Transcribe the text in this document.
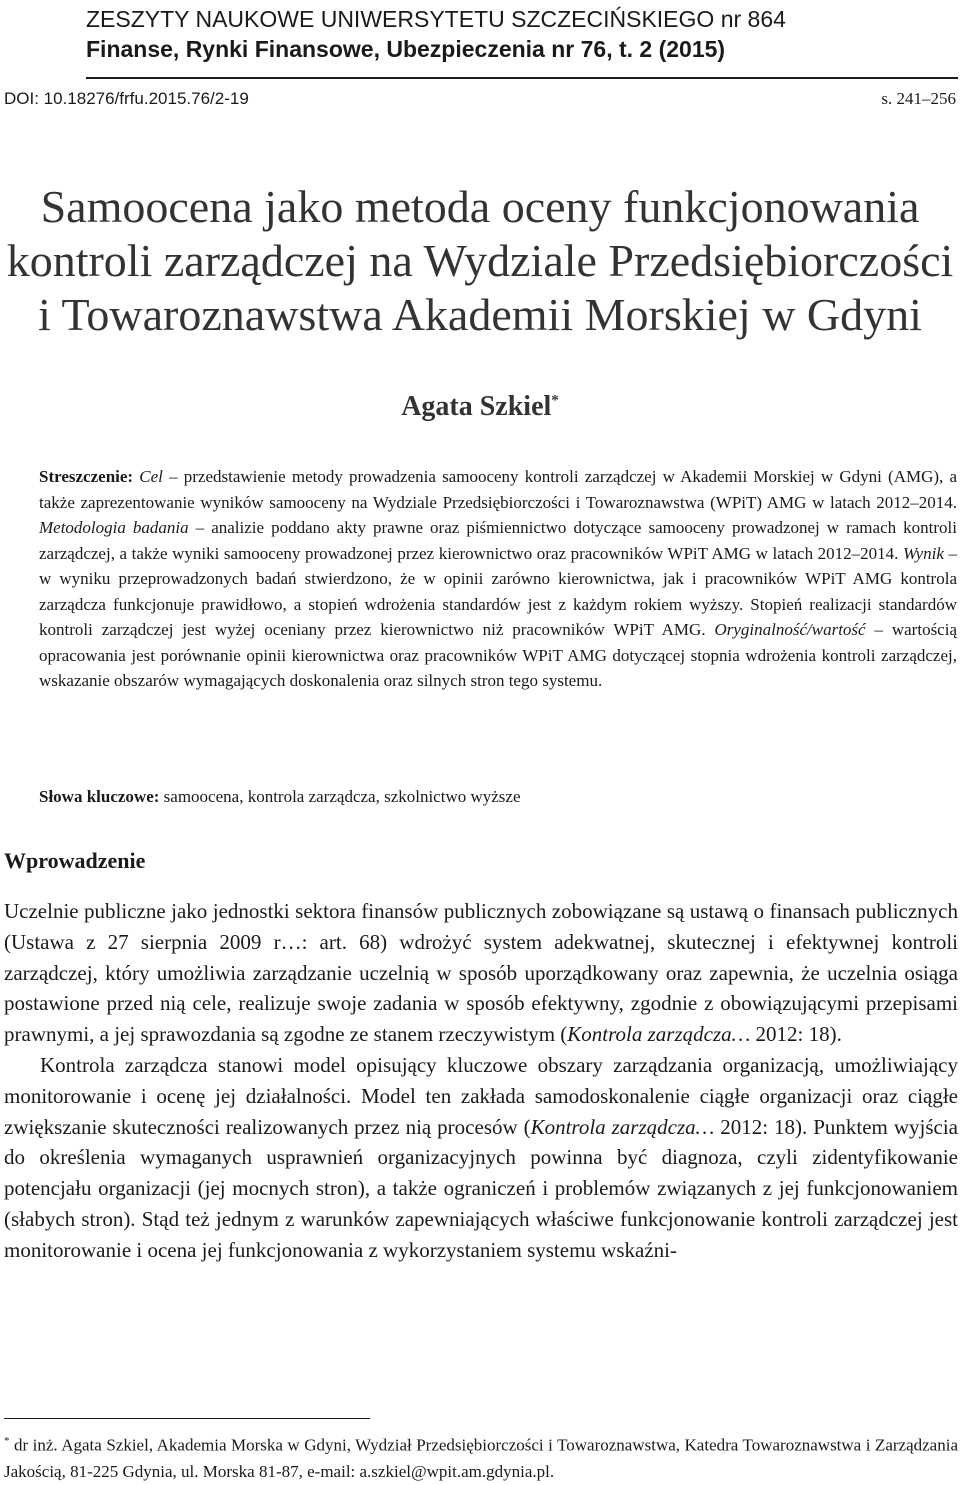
ZESZYTY NAUKOWE UNIWERSYTETU SZCZECIŃSKIEGO nr 864
Finanse, Rynki Finansowe, Ubezpieczenia nr 76, t. 2 (2015)
DOI: 10.18276/frfu.2015.76/2-19	s. 241–256
Samoocena jako metoda oceny funkcjonowania
kontroli zarządczej na Wydziale Przedsiębiorczości
i Towaroznawstwa Akademii Morskiej w Gdyni
Agata Szkiel*
Streszczenie: Cel – przedstawienie metody prowadzenia samooceny kontroli zarządczej w Akademii Morskiej w Gdyni (AMG), a także zaprezentowanie wyników samooceny na Wydziale Przedsiębiorczości i Towaroznawstwa (WPiT) AMG w latach 2012–2014. Metodologia badania – analizie poddano akty prawne oraz piśmiennictwo dotyczące samooceny prowadzonej w ramach kontroli zarządczej, a także wyniki samooceny prowadzonej przez kierownictwo oraz pracowników WPiT AMG w latach 2012–2014. Wynik – w wyniku przeprowadzonych badań stwierdzono, że w opinii zarówno kierownictwa, jak i pracowników WPiT AMG kontrola zarządcza funkcjonuje prawidłowo, a stopień wdrożenia standardów jest z każdym rokiem wyższy. Stopień realizacji standardów kontroli zarządczej jest wyżej oceniany przez kierownictwo niż pracowników WPiT AMG. Oryginalność/wartość – wartością opracowania jest porównanie opinii kierownictwa oraz pracowników WPiT AMG dotyczącej stopnia wdrożenia kontroli zarządczej, wskazanie obszarów wymagających doskonalenia oraz silnych stron tego systemu.
Słowa kluczowe: samoocena, kontrola zarządcza, szkolnictwo wyższe
Wprowadzenie

Uczelnie publiczne jako jednostki sektora finansów publicznych zobowiązane są ustawą o finansach publicznych (Ustawa z 27 sierpnia 2009 r…: art. 68) wdrożyć system adekwatnej, skutecznej i efektywnej kontroli zarządczej, który umożliwia zarządzanie uczelnią w sposób uporządkowany oraz zapewnia, że uczelnia osiąga postawione przed nią cele, realizuje swoje zadania w sposób efektywny, zgodnie z obowiązującymi przepisami prawnymi, a jej sprawozdania są zgodne ze stanem rzeczywistym (Kontrola zarządcza… 2012: 18).

Kontrola zarządcza stanowi model opisujący kluczowe obszary zarządzania organizacją, umożliwiający monitorowanie i ocenę jej działalności. Model ten zakłada samodoskonalenie ciągłe organizacji oraz ciągłe zwiększanie skuteczności realizowanych przez nią procesów (Kontrola zarządcza… 2012: 18). Punktem wyjścia do określenia wymaganych usprawnień organizacyjnych powinna być diagnoza, czyli zidentyfikowanie potencjału organizacji (jej mocnych stron), a także ograniczeń i problemów związanych z jej funkcjonowaniem (słabych stron). Stąd też jednym z warunków zapewniających właściwe funkcjonowanie kontroli zarządczej jest monitorowanie i ocena jej funkcjonowania z wykorzystaniem systemu wskaźni-

* dr inż. Agata Szkiel, Akademia Morska w Gdyni, Wydział Przedsiębiorczości i Towaroznawstwa, Katedra Towaroznawstwa i Zarządzania Jakością, 81-225 Gdynia, ul. Morska 81-87, e-mail: a.szkiel@wpit.am.gdynia.pl.
